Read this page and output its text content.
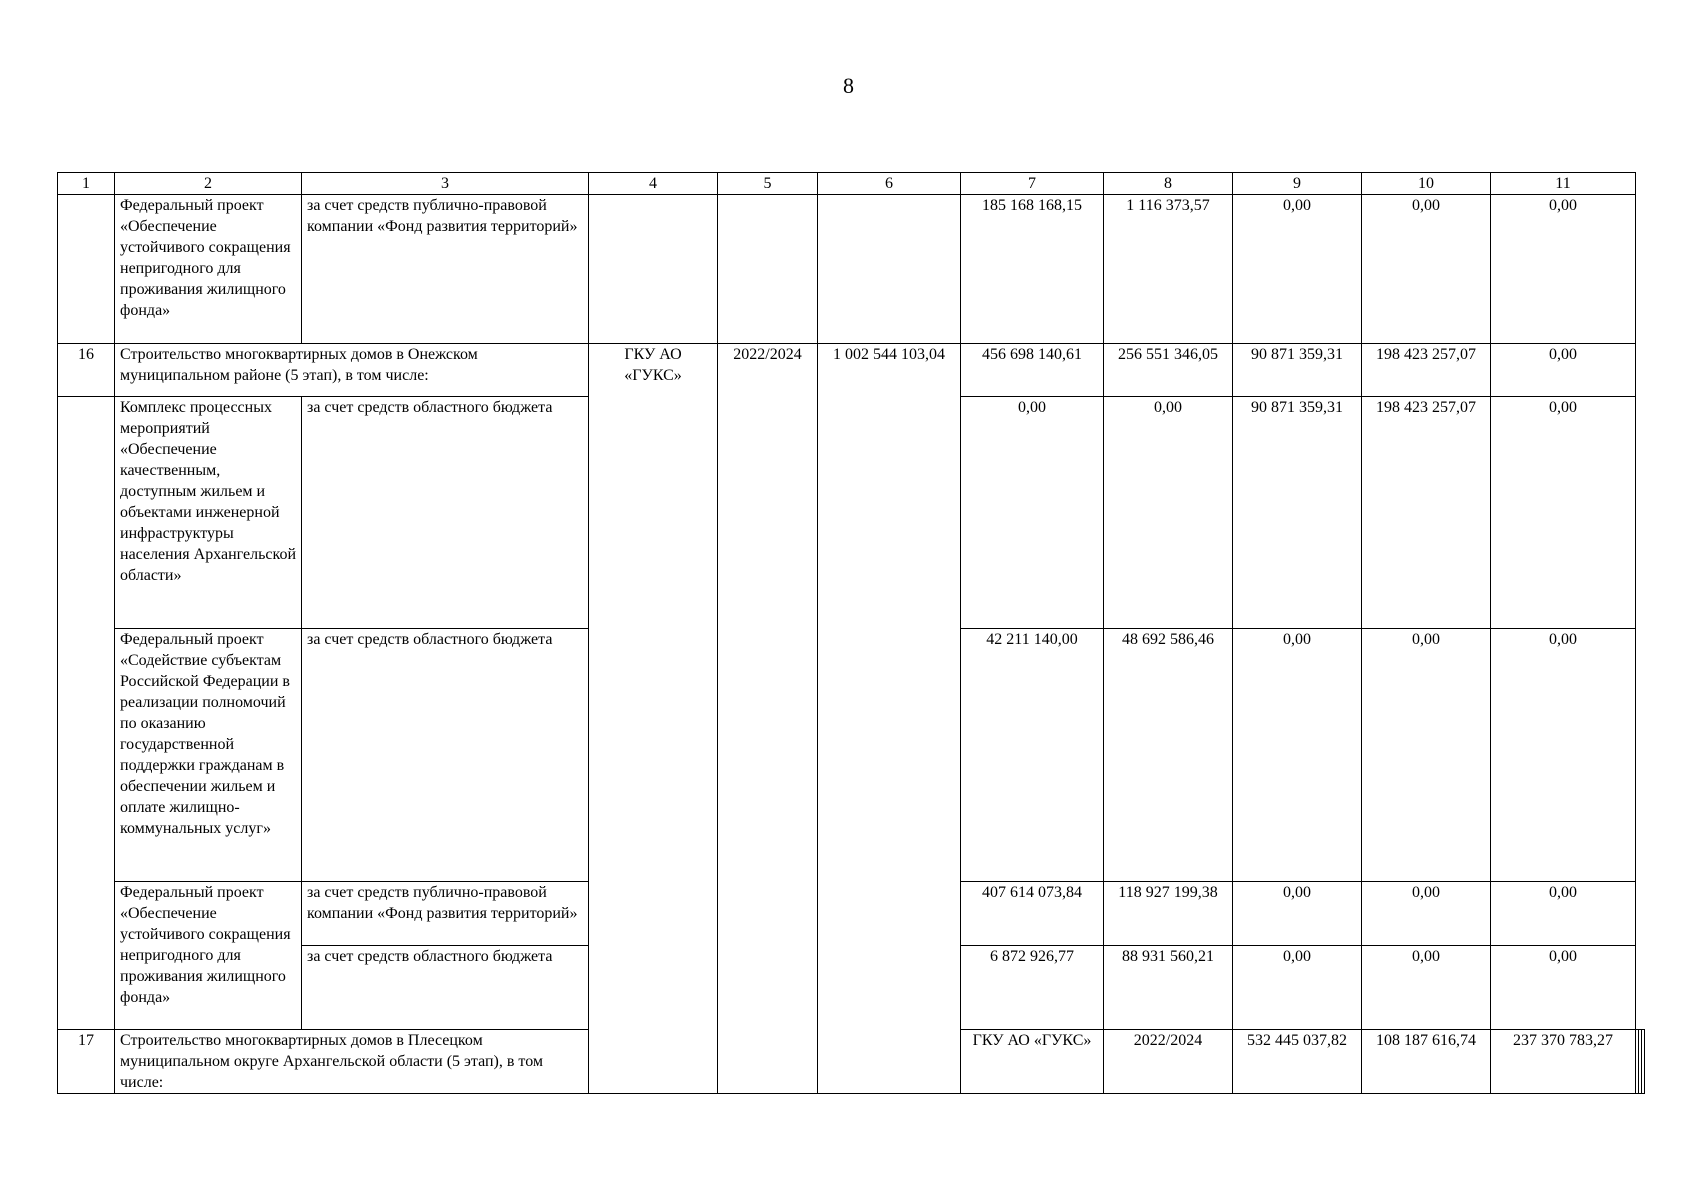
8
1	2	3	4	5	6	7	8	9	10	11			
	Федеральный проект «Обеспечение устойчивого сокращения непригодного для проживания жилищного фонда»	за счет средств публично-правовой компании «Фонд развития территорий»				185 168 168,15	1 116 373,57	0,00	0,00	0,00			
16	Строительство многоквартирных домов в Онежском муниципальном районе (5 этап), в том числе:		ГКУ АО «ГУКС»	2022/2024	1 002 544 103,04	456 698 140,61	256 551 346,05	90 871 359,31	198 423 257,07	0,00			
	Комплекс процессных мероприятий «Обеспечение качественным, доступным жильем и объектами инженерной инфраструктуры населения Архангельской области»	за счет средств областного бюджета				0,00	0,00	90 871 359,31	198 423 257,07	0,00			
	Федеральный проект «Содействие субъектам Российской Федерации в реализации полномочий по оказанию государственной поддержки гражданам в обеспечении жильем и оплате жилищно-коммунальных услуг»	за счет средств областного бюджета				42 211 140,00	48 692 586,46	0,00	0,00	0,00			
	Федеральный проект «Обеспечение устойчивого сокращения непригодного для проживания жилищного фонда»	за счет средств публично-правовой компании «Фонд развития территорий»				407 614 073,84	118 927 199,38	0,00	0,00	0,00			
		за счет средств областного бюджета				6 872 926,77	88 931 560,21	0,00	0,00	0,00			
17	Строительство многоквартирных домов в Плесецком муниципальном округе Архангельской области (5 этап), в том числе:					ГКУ АО «ГУКС»	2022/2024	532 445 037,82	108 187 616,74	237 370 783,27			
